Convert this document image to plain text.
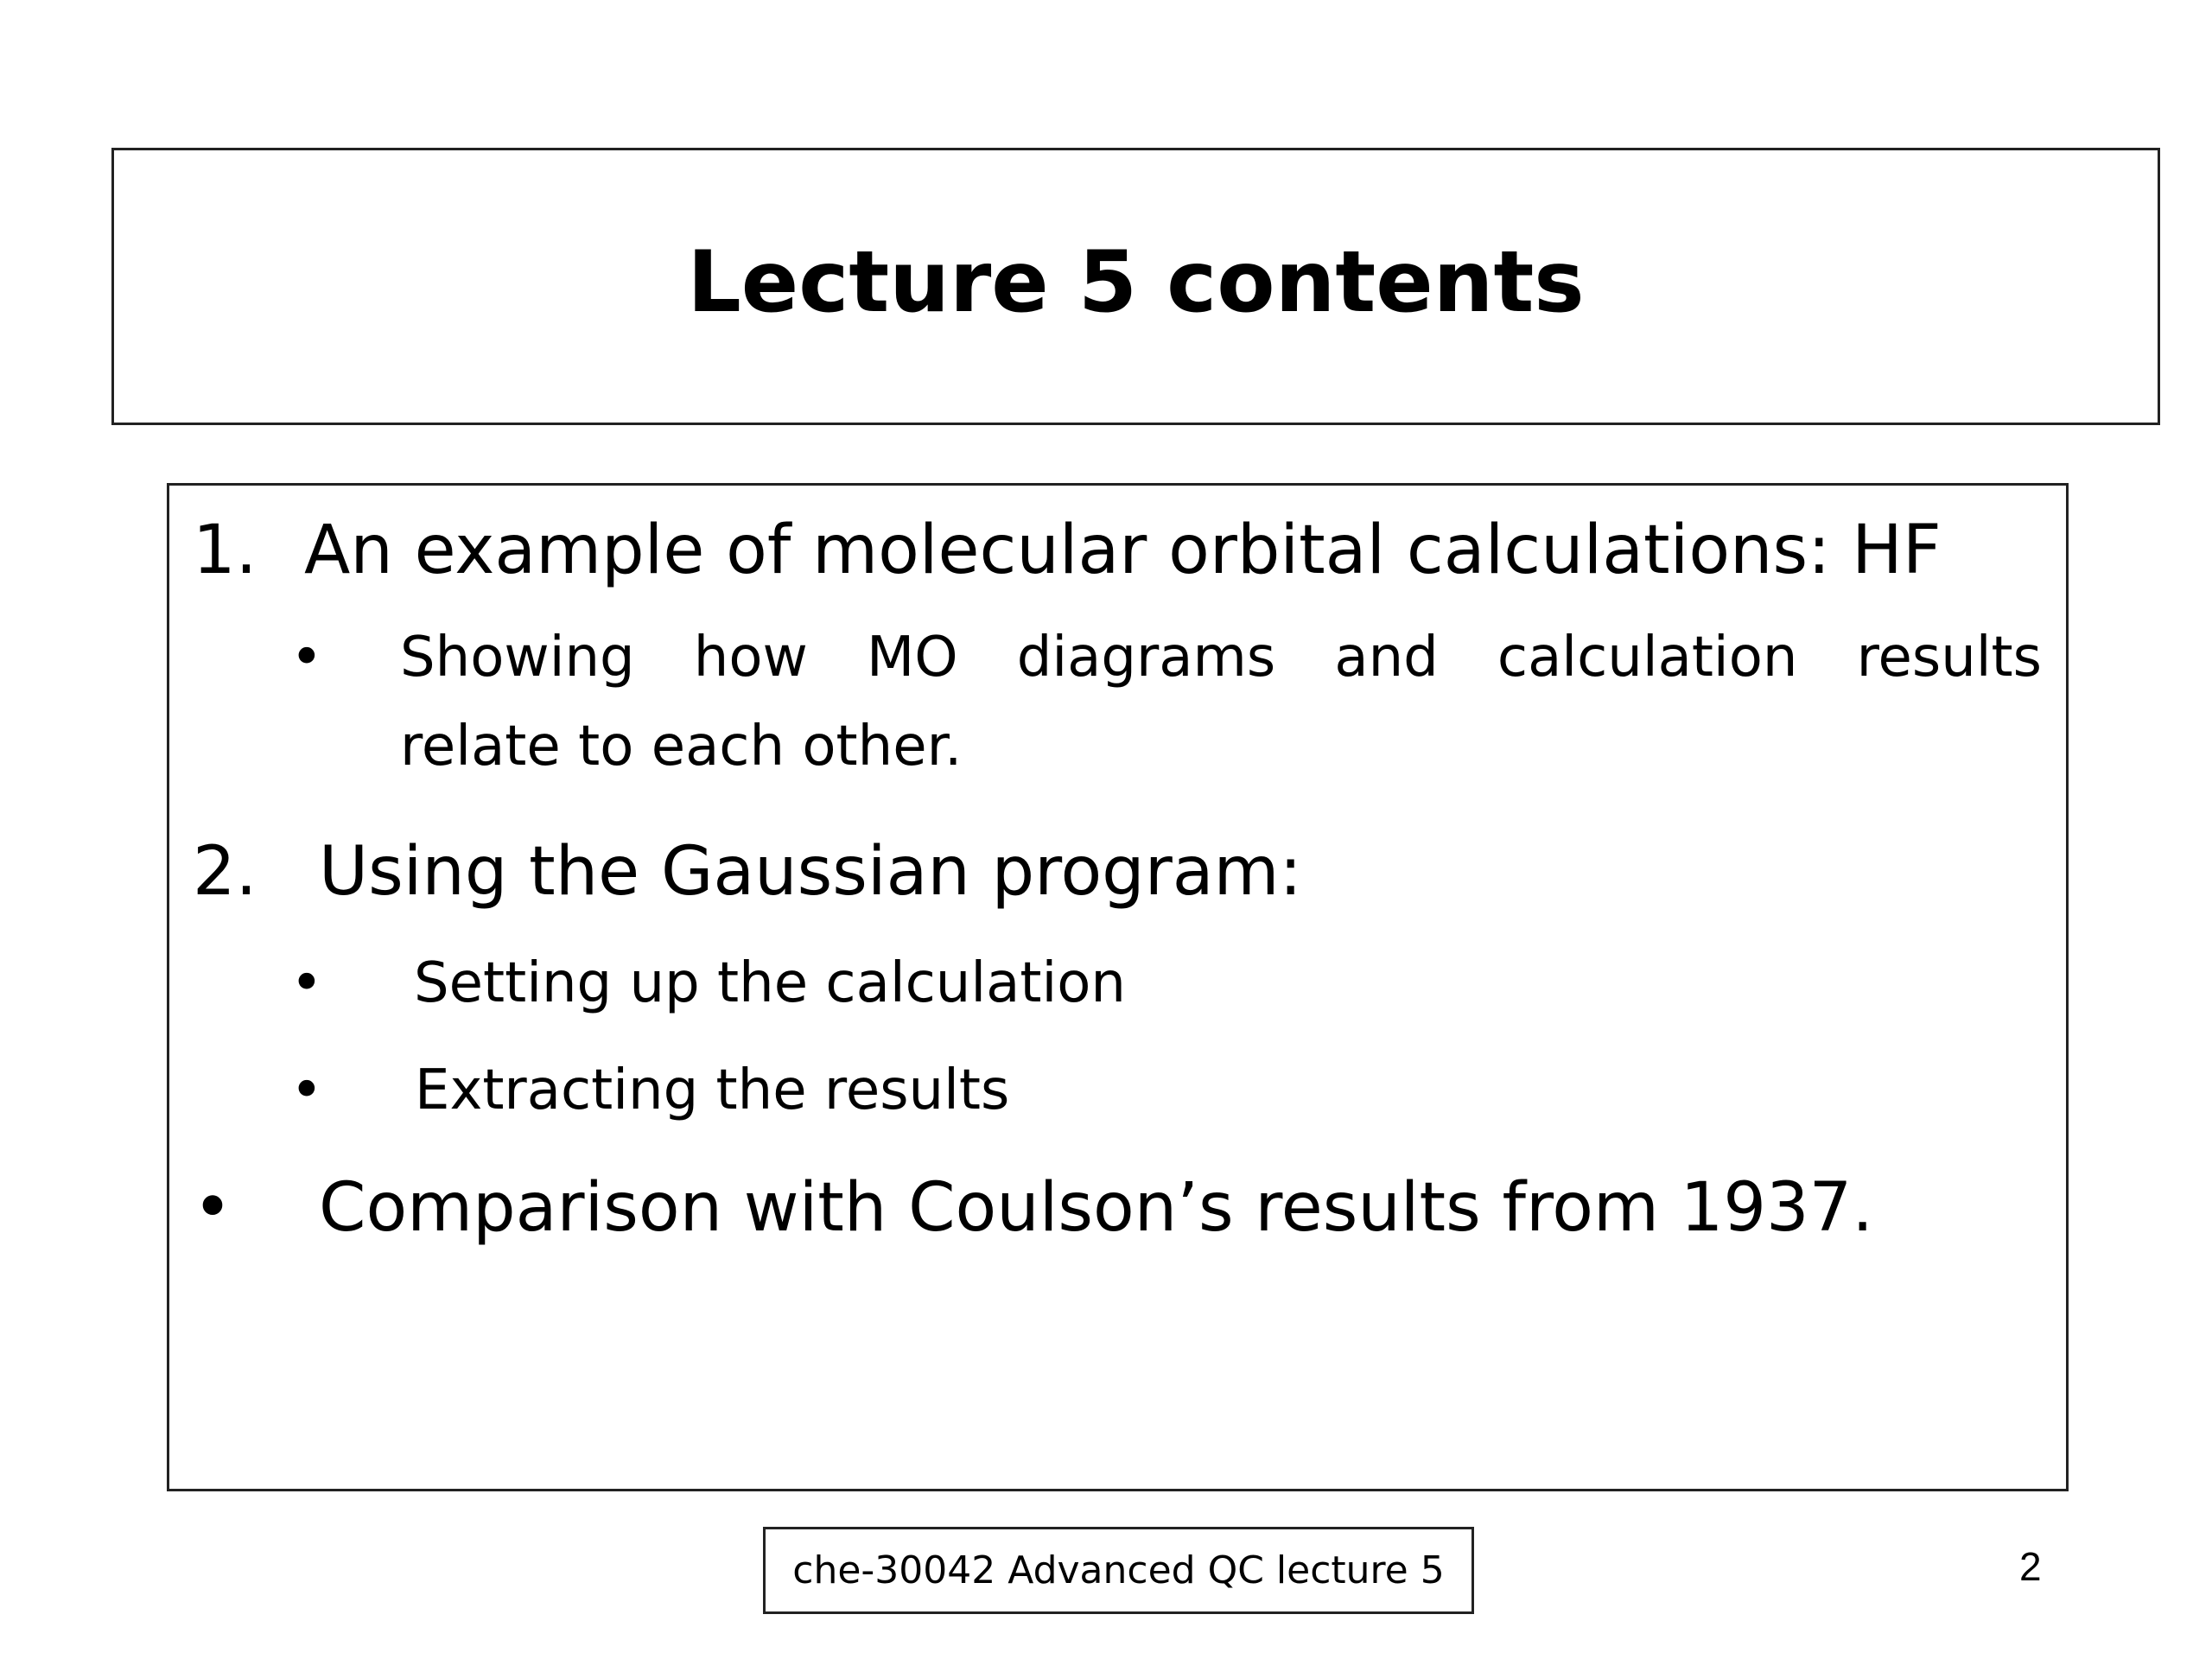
Lecture 5 contents
1. An example of molecular orbital calculations: HF
• Showing how MO diagrams and calculation results
relate to each other.
2. Using the Gaussian program:
• Setting up the calculation
• Extracting the results
• Comparison with Coulson’s results from 1937.
che-30042 Advanced QC lecture 5	2
